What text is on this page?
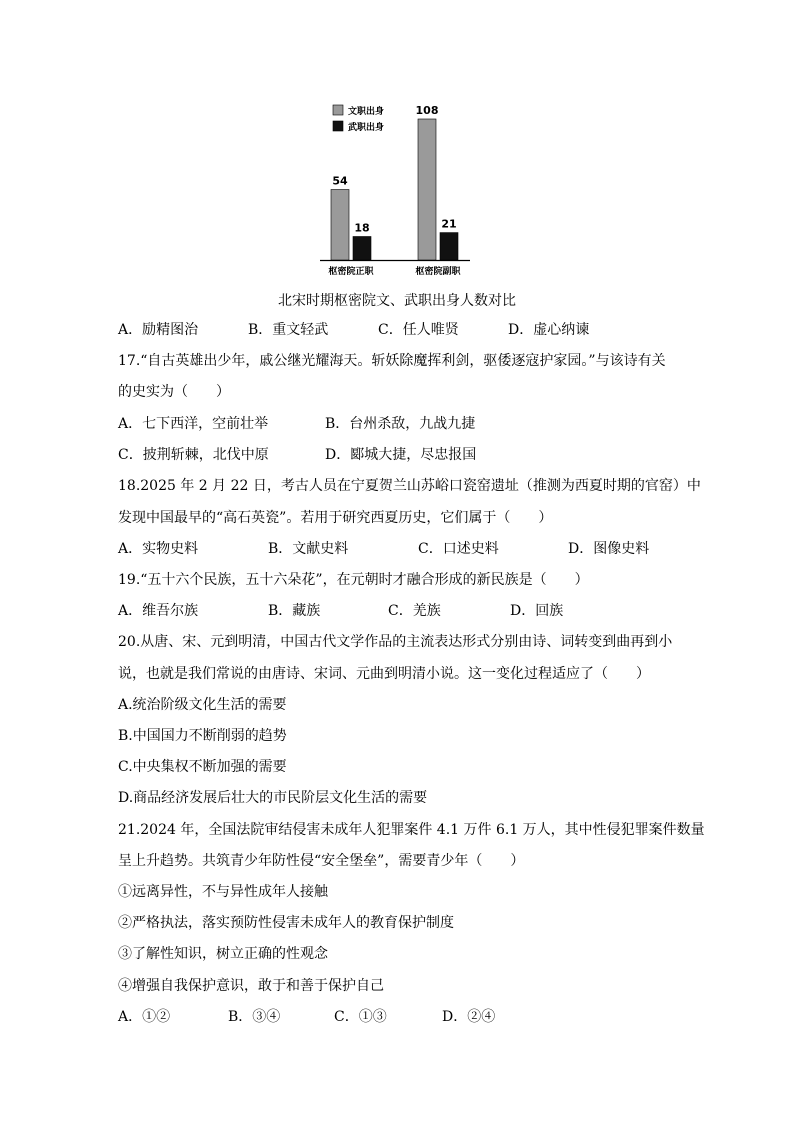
文职出身
武职出身
54
18
枢密院正职
108
21
枢密院副职
北宋时期枢密院文、武职出身人数对比
A．励精图治	B．重文轻武	C．任人唯贤	D．虚心纳谏
17.“自古英雄出少年，戚公继光耀海天。斩妖除魔挥利剑，驱倭逐寇护家园。”与该诗有关
的史实为（　　）
A．七下西洋，空前壮举	B．台州杀敌，九战九捷
C．披荆斩棘，北伐中原	D．郾城大捷，尽忠报国
18.2025 年 2 月 22 日，考古人员在宁夏贺兰山苏峪口瓷窑遗址（推测为西夏时期的官窑）中
发现中国最早的“高石英瓷”。若用于研究西夏历史，它们属于（　　）
A．实物史料	B．文献史料	C．口述史料	D．图像史料
19.“五十六个民族，五十六朵花”，在元朝时才融合形成的新民族是（　　）
A．维吾尔族	B．藏族	C．羌族	D．回族
20.从唐、宋、元到明清，中国古代文学作品的主流表达形式分别由诗、词转变到曲再到小
说，也就是我们常说的由唐诗、宋词、元曲到明清小说。这一变化过程适应了（　　）
A.统治阶级文化生活的需要
B.中国国力不断削弱的趋势
C.中央集权不断加强的需要
D.商品经济发展后壮大的市民阶层文化生活的需要
21.2024 年，全国法院审结侵害未成年人犯罪案件 4.1 万件 6.1 万人，其中性侵犯罪案件数量
呈上升趋势。共筑青少年防性侵“安全堡垒”，需要青少年（　　）
①远离异性，不与异性成年人接触
②严格执法，落实预防性侵害未成年人的教育保护制度
③了解性知识，树立正确的性观念
④增强自我保护意识，敢于和善于保护自己
A．①②	B．③④	C．①③	D．②④
